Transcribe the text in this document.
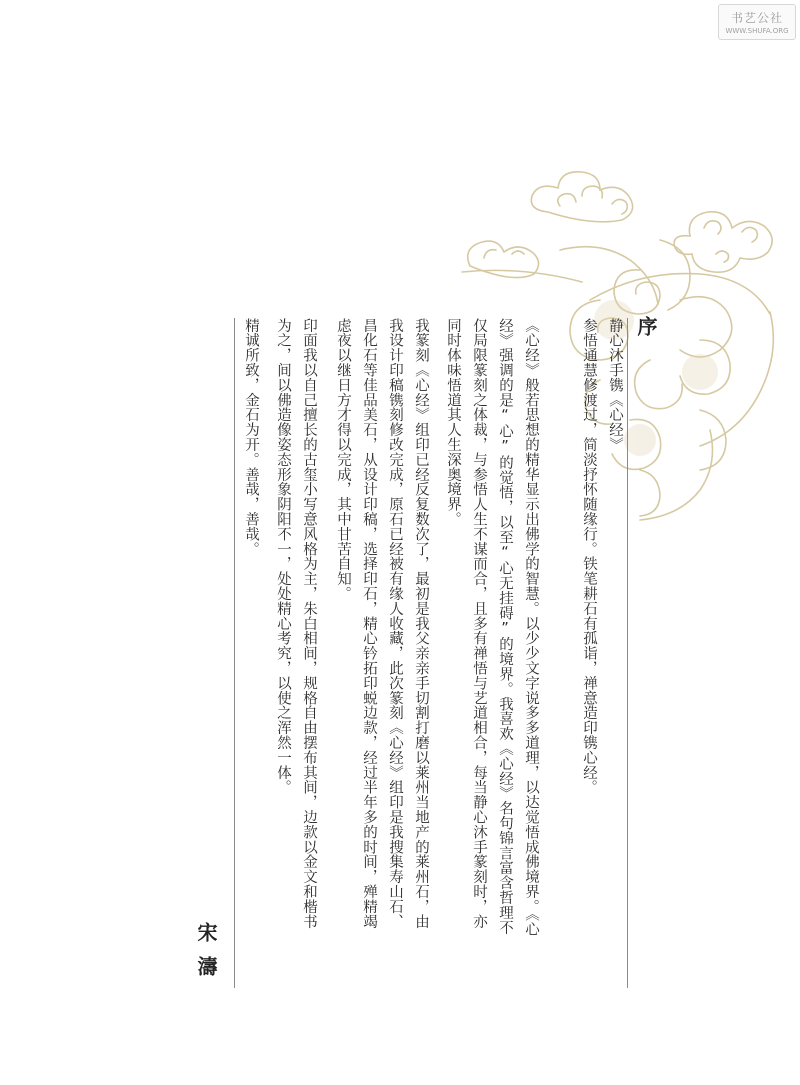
书艺公社
WWW.SHUFA.ORG
序
静心沐手镌《心经》
参悟通慧修渡过，简淡抒怀随缘行。铁笔耕石有孤诣，禅意造印镌心经。
《心经》般若思想的精华显示出佛学的智慧。以少少文字说多多道理，以达觉悟成佛境界。《心
经》强调的是“心”的觉悟，以至“心无挂碍”的境界。我喜欢《心经》名句锦言富含哲理不
仅局限篆刻之体裁，与参悟人生不谋而合，且多有禅悟与艺道相合，每当静心沐手篆刻时，亦
同时体味悟道其人生深奥境界。
我篆刻《心经》组印已经反复数次了，最初是我父亲亲手切割打磨以莱州当地产的莱州石，由
我设计印稿镌刻修改完成，原石已经被有缘人收藏，此次篆刻《心经》组印是我搜集寿山石、
昌化石等佳品美石，从设计印稿，选择印石，精心钤拓印蜕边款，经过半年多的时间，殚精竭
虑夜以继日方才得以完成，其中甘苦自知。
印面我以自己擅长的古玺小写意风格为主，朱白相间，规格自由摆布其间，边款以金文和楷书
为之，间以佛造像姿态形象阴阳不一，处处精心考究，以使之浑然一体。
精诚所致，金石为开。善哉，善哉。
宋濤
